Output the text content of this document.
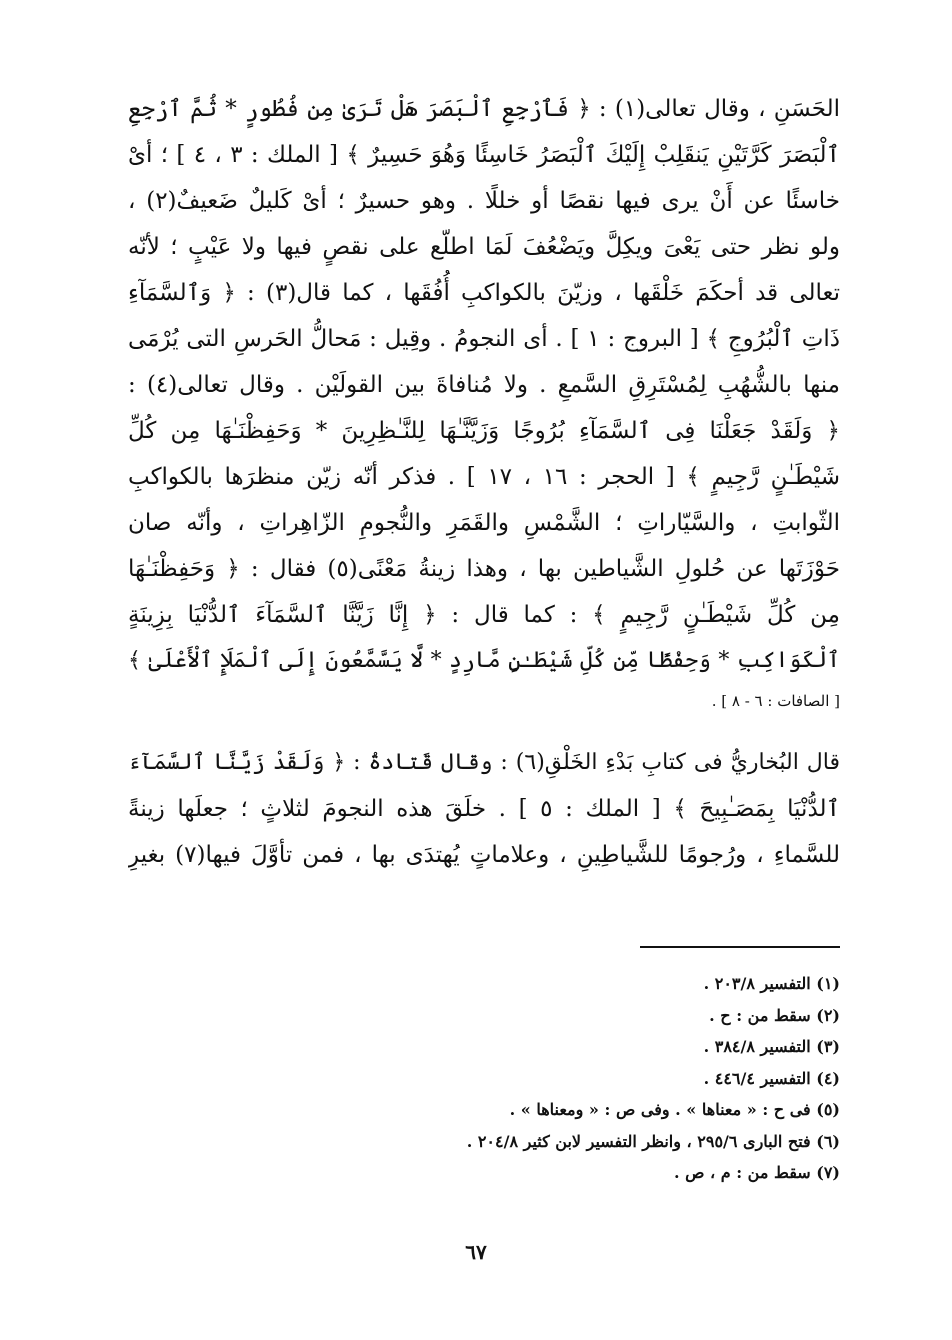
الحَسَنِ ، وقال تعالى(١) : ﴿ فَٱرْجِعِ ٱلْبَصَرَ هَلْ تَرَىٰ مِن فُطُورٍ * ثُمَّ ٱرْجِعِ
ٱلْبَصَرَ كَرَّتَيْنِ يَنقَلِبْ إِلَيْكَ ٱلْبَصَرُ خَاسِئًا وَهُوَ حَسِيرٌ ﴾ [ الملك : ٣ ، ٤ ] ؛ أىْ
خاسئًا عن أَنْ يرى فيها نقصًا أو خللًا . وهو حسيرٌ ؛ أىْ كَليلٌ ضَعيفٌ(٢) ،
ولو نظر حتى يَعْىَ ويكِلَّ ويَضْعُفَ لَمَا اطلّع على نقصٍ فيها ولا عَيْبٍ ؛ لأنّه
تعالى قد أحكَمَ خَلْقَها ، وزيّنَ بالكواكبِ أُفُقَها ، كما قال(٣) : ﴿ وَٱلسَّمَآءِ
ذَاتِ ٱلْبُرُوجِ ﴾ [ البروج : ١ ] . أى النجومُ . وقِيل : مَحالُّ الحَرسِ التى يُرْمَى
منها بالشُّهُبِ لِمُسْتَرِقِ السَّمعِ . ولا مُنافاةَ بين القولَيْن . وقال تعالى(٤) :
﴿ وَلَقَدْ جَعَلْنَا فِى ٱلسَّمَآءِ بُرُوجًا وَزَيَّنَّـٰهَا لِلنَّـٰظِرِينَ * وَحَفِظْنَـٰهَا مِن كُلِّ
شَيْطَـٰنٍ رَّجِيمٍ ﴾ [ الحجر : ١٦ ، ١٧ ] . فذكر أنّه زيّن منظرَها بالكواكبِ
الثّوابتِ ، والسَّيّاراتِ ؛ الشَّمْسِ والقَمَرِ والنُّجومِ الزّاهِراتِ ، وأنّه صان
حَوْزَتَها عن حُلولِ الشَّياطين بها ، وهذا زينةُ مَعْنًى(٥) فقال : ﴿ وَحَفِظْنَـٰهَا
مِن كُلِّ شَيْطَـٰنٍ رَّجِيمٍ ﴾ : كما قال : ﴿ إِنَّا زَيَّنَّا ٱلسَّمَآءَ ٱلدُّنْيَا بِزِينَةٍ
ٱلْكَوَاكِبِ * وَحِفْظًا مِّن كُلِّ شَيْطَـٰنٍ مَّارِدٍ * لَّا يَسَّمَّعُونَ إِلَى ٱلْمَلَإِ ٱلْأَعْلَىٰ ﴾
[ الصافات : ٦ - ٨ ] .
قال البُخاريُّ فى كتابِ بَدْءِ الخَلْقِ(٦) : وقال قَتادةُ : ﴿ وَلَقَدْ زَيَّنَّا ٱلسَّمَآءَ
ٱلدُّنْيَا بِمَصَـٰبِيحَ ﴾ [ الملك : ٥ ] . خلَقَ هذه النجومَ لثلاثٍ ؛ جعلَها زينةً
للسَّماءِ ، ورُجومًا للشَّياطِينِ ، وعلاماتٍ يُهتدَى بها ، فمن تأوَّلَ فيها(٧) بغيرِ
(١) التفسير ٢٠٣/٨ .
(٢) سقط من : ح .
(٣) التفسير ٣٨٤/٨ .
(٤) التفسير ٤٤٦/٤ .
(٥) فى ح : « معناها » . وفى ص : « ومعناها » .
(٦) فتح البارى ٢٩٥/٦ ، وانظر التفسير لابن كثير ٢٠٤/٨ .
(٧) سقط من : م ، ص .
٦٧
